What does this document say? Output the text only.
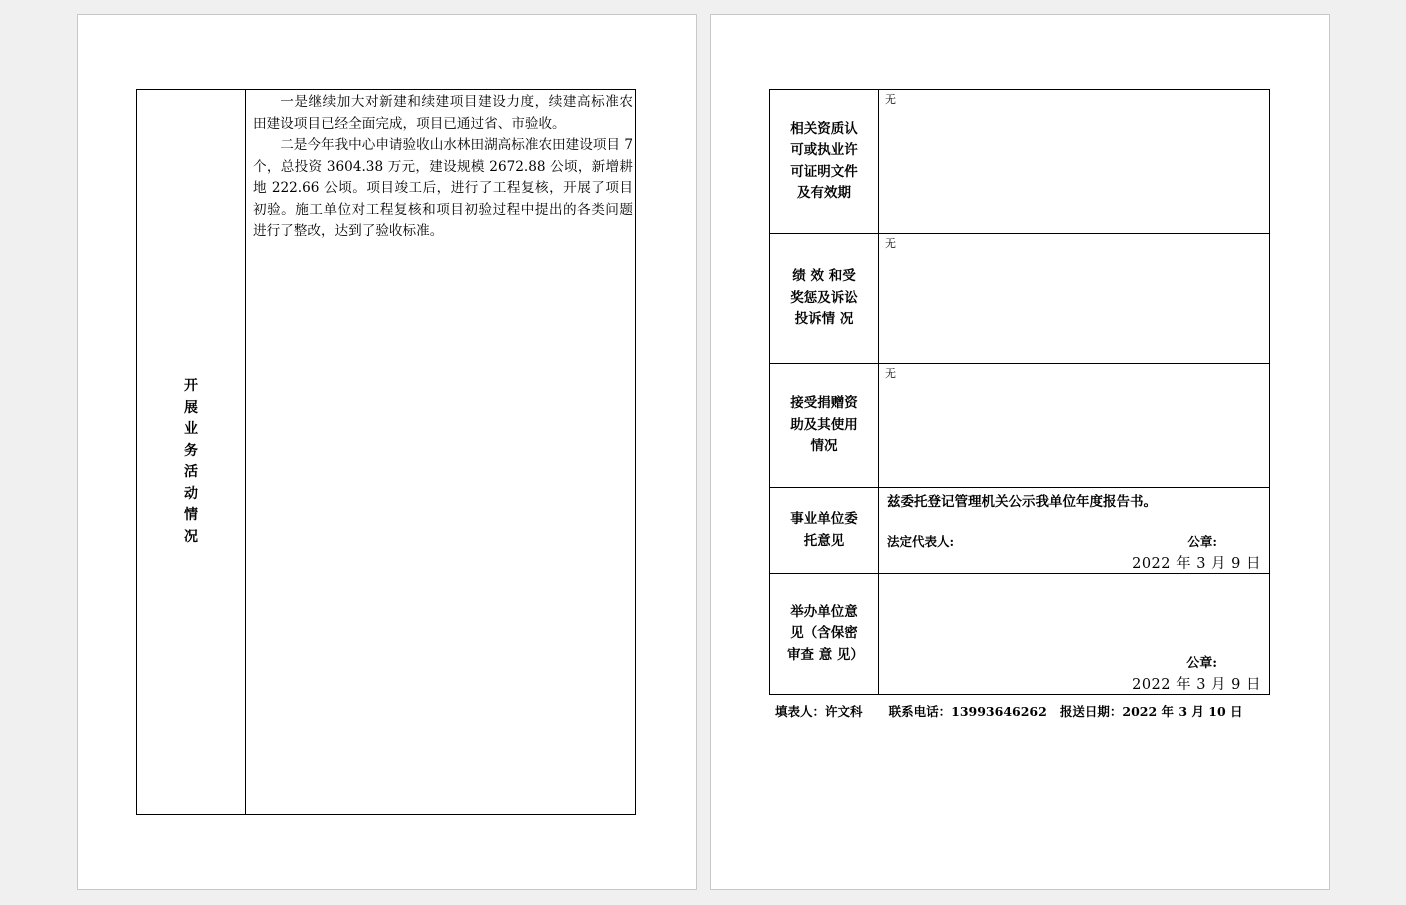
开展业务活动情况

一是继续加大对新建和续建项目建设力度，续建高标准农田建设项目已经全面完成，项目已通过省、市验收。

二是今年我中心申请验收山水林田湖高标准农田建设项目 7 个，总投资 3604.38 万元，建设规模 2672.88 公顷，新增耕地 222.66 公顷。项目竣工后，进行了工程复核，开展了项目初验。施工单位对工程复核和项目初验过程中提出的各类问题进行了整改，达到了验收标准。

相关资质认可或执业许可证明文件及有效期	无

绩 效 和受奖惩及诉讼投诉情 况	无

接受捐赠资助及其使用情况	无

事业单位委托意见	兹委托登记管理机关公示我单位年度报告书。
法定代表人: 公章:
2022 年 3 月 9 日

举办单位意见（含保密审查 意 见）	公章:
2022 年 3 月 9 日
填表人：许文科 联系电话：13993646262 报送日期：2022 年 3 月 10 日
